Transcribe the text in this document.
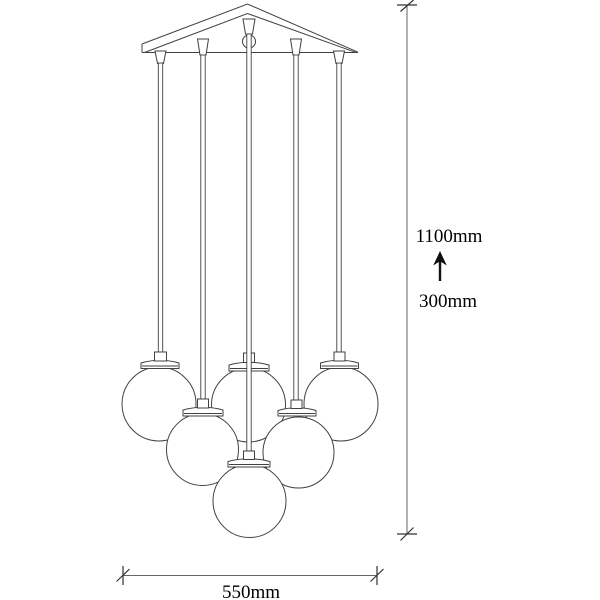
1100mm
300mm
550mm
